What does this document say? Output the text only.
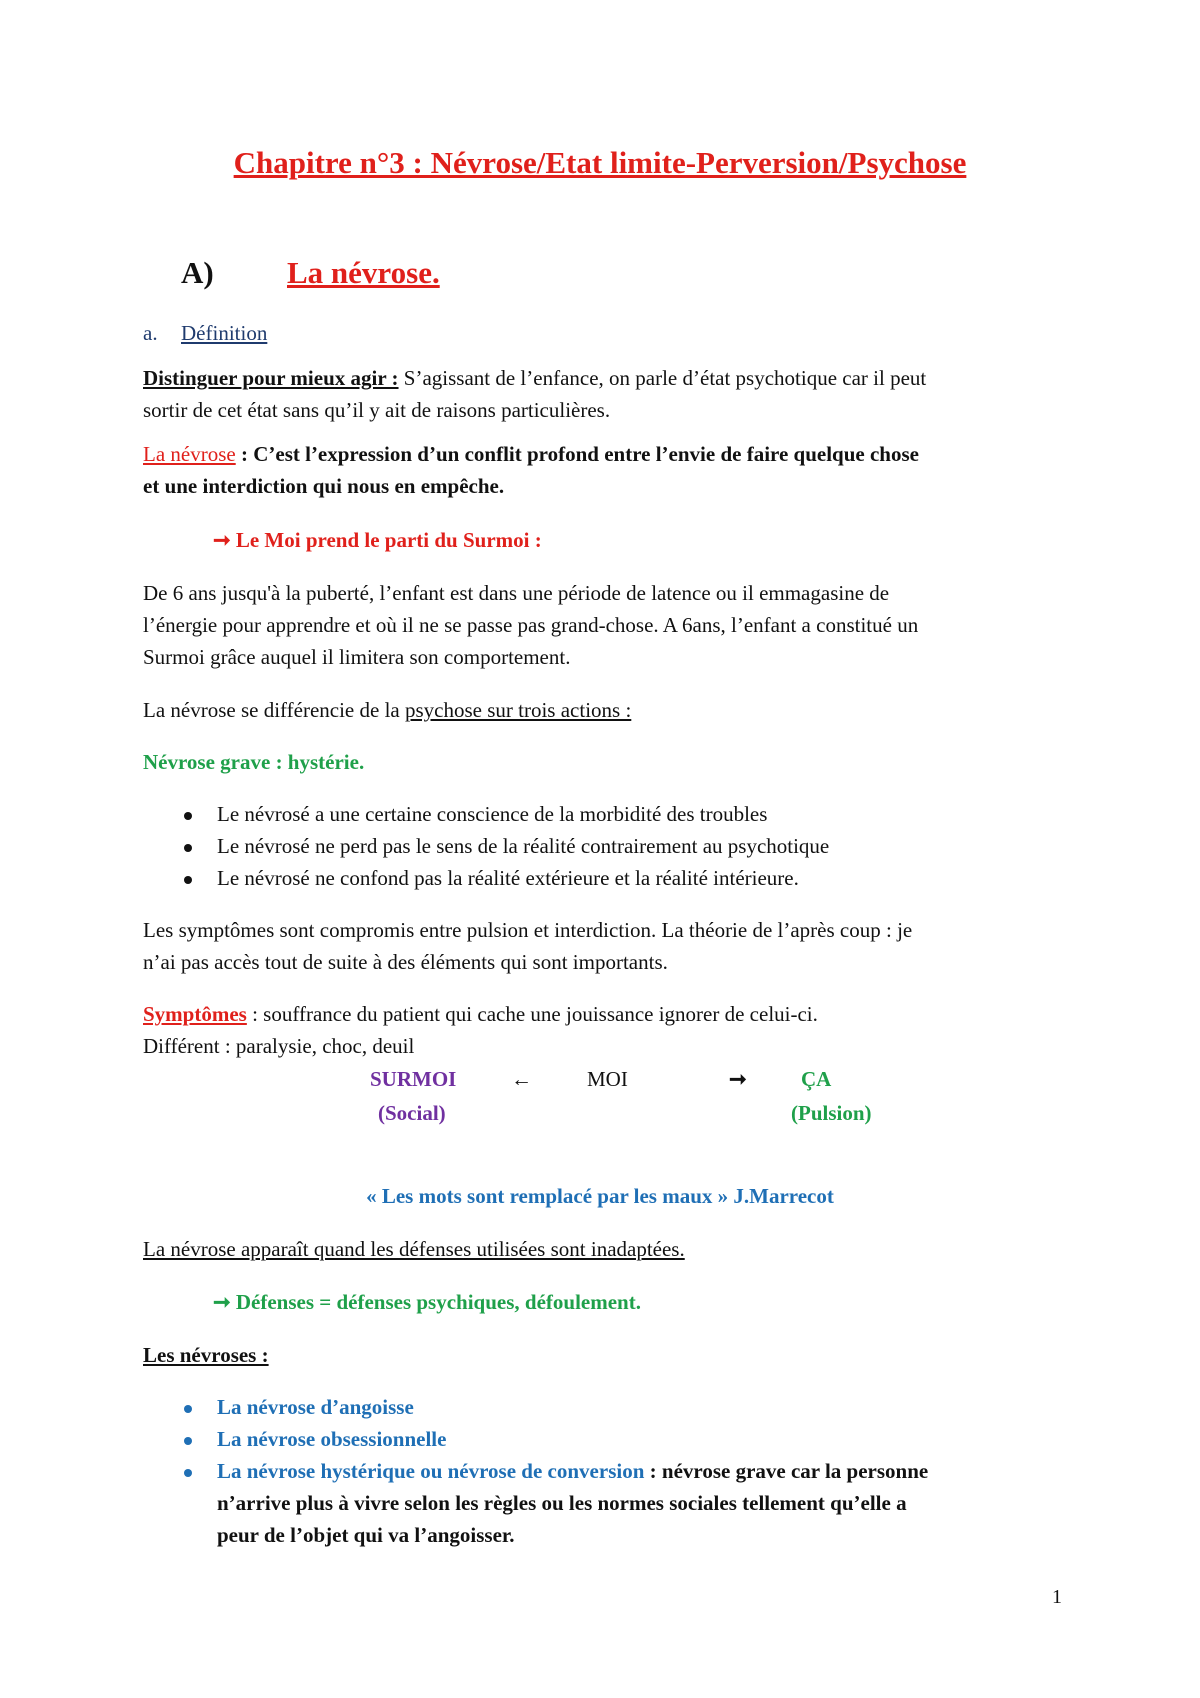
Chapitre n°3 : Névrose/Etat limite-Perversion/Psychose
A) La névrose.
a. Définition
Distinguer pour mieux agir : S’agissant de l’enfance, on parle d’état psychotique car il peut
sortir de cet état sans qu’il y ait de raisons particulières.
La névrose : C’est l’expression d’un conflit profond entre l’envie de faire quelque chose
et une interdiction qui nous en empêche.
➞ Le Moi prend le parti du Surmoi :
De 6 ans jusqu'à la puberté, l’enfant est dans une période de latence ou il emmagasine de
l’énergie pour apprendre et où il ne se passe pas grand-chose. A 6ans, l’enfant a constitué un
Surmoi grâce auquel il limitera son comportement.
La névrose se différencie de la psychose sur trois actions :
Névrose grave : hystérie.
Le névrosé a une certaine conscience de la morbidité des troubles
Le névrosé ne perd pas le sens de la réalité contrairement au psychotique
Le névrosé ne confond pas la réalité extérieure et la réalité intérieure.
Les symptômes sont compromis entre pulsion et interdiction. La théorie de l’après coup : je
n’ai pas accès tout de suite à des éléments qui sont importants.
Symptômes : souffrance du patient qui cache une jouissance ignorer de celui-ci.
Différent : paralysie, choc, deuil
SURMOI	←	MOI	➞	ÇA
(Social)	(Pulsion)
« Les mots sont remplacé par les maux » J.Marrecot
La névrose apparaît quand les défenses utilisées sont inadaptées.
➞ Défenses = défenses psychiques, défoulement.
Les névroses :
La névrose d’angoisse
La névrose obsessionnelle
La névrose hystérique ou névrose de conversion : névrose grave car la personne
n’arrive plus à vivre selon les règles ou les normes sociales tellement qu’elle a
peur de l’objet qui va l’angoisser.
1
